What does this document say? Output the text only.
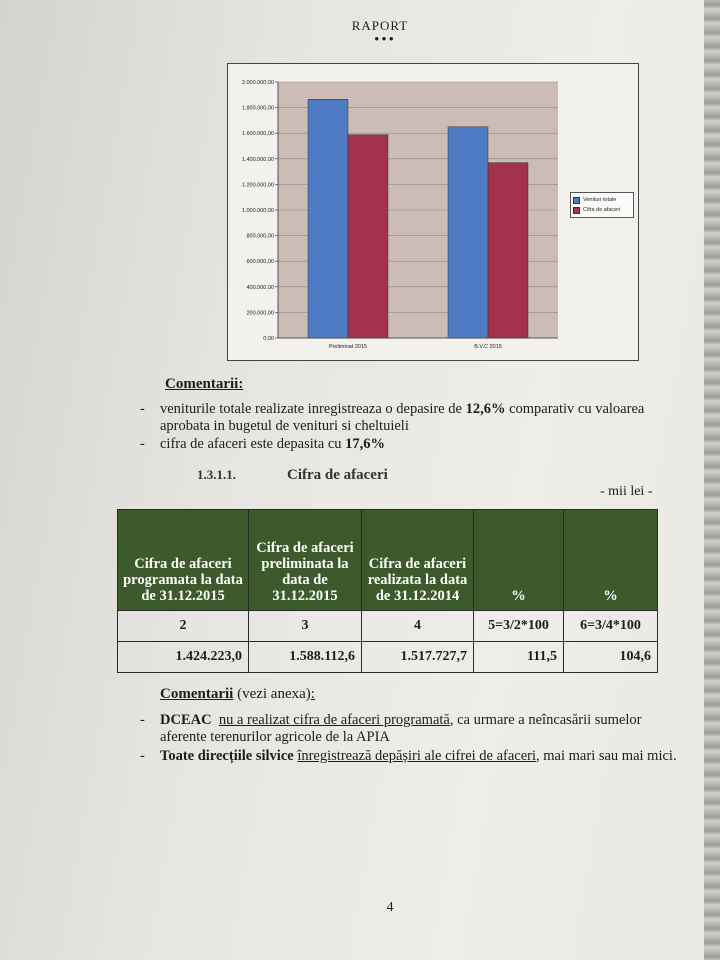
RAPORT
•••
0,00
200.000,00
400.000,00
600.000,00
800.000,00
1.000.000,00
1.200.000,00
1.400.000,00
1.600.000,00
1.800.000,00
2.000.000,00
Preliminat 2015	B.V.C 2015
Venituri totale
Cifra de afaceri
Comentarii:
- veniturile totale realizate inregistreaza o depasire de 12,6% comparativ cu valoarea aprobata in bugetul de venituri si cheltuieli
- cifra de afaceri este depasita cu 17,6%
1.3.1.1.	Cifra de afaceri
- mii lei -
Cifra de afaceri programata la data de 31.12.2015	Cifra de afaceri preliminata la data de 31.12.2015	Cifra de afaceri realizata la data de 31.12.2014	%	%
2	3	4	5=3/2*100	6=3/4*100
1.424.223,0	1.588.112,6	1.517.727,7	111,5	104,6
Comentarii (vezi anexa):
- DCEAC nu a realizat cifra de afaceri programată, ca urmare a neîncasării sumelor aferente terenurilor agricole de la APIA
- Toate direcțiile silvice înregistrează depășiri ale cifrei de afaceri, mai mari sau mai mici.
4
